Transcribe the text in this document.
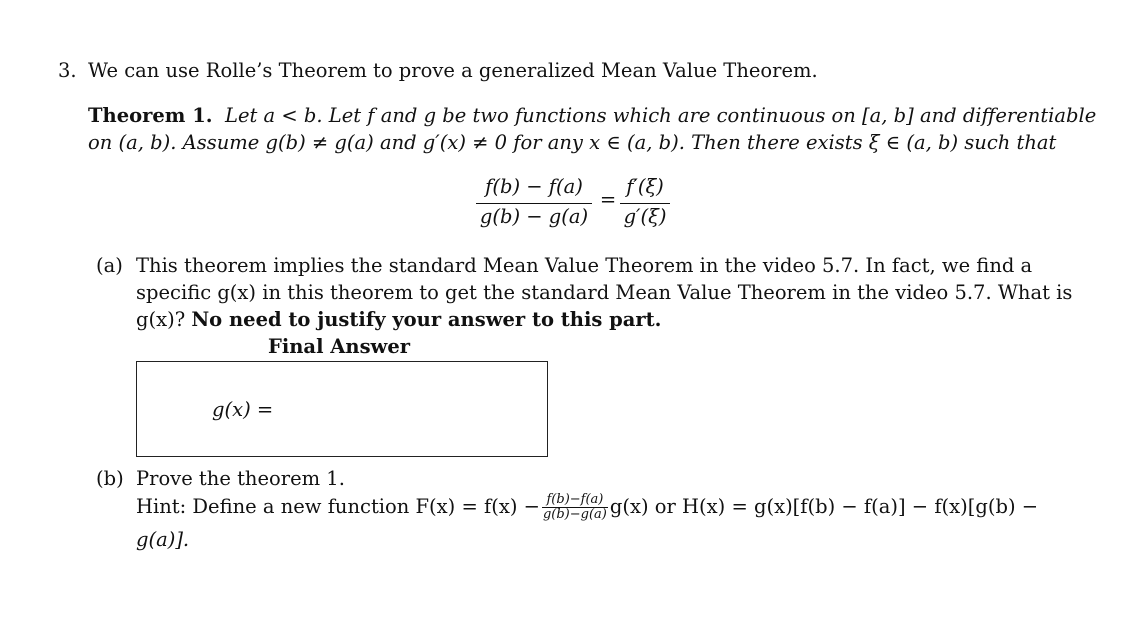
3. We can use Rolle’s Theorem to prove a generalized Mean Value Theorem.
Theorem 1. Let a < b. Let f and g be two functions which are continuous on [a, b] and differentiable
on (a, b). Assume g(b) ≠ g(a) and g′(x) ≠ 0 for any x ∈ (a, b). Then there exists ξ ∈ (a, b) such that
f(b) − f(a)
g(b) − g(a)
=
f′(ξ)
g′(ξ)
(a) This theorem implies the standard Mean Value Theorem in the video 5.7. In fact, we find a
specific g(x) in this theorem to get the standard Mean Value Theorem in the video 5.7. What is
g(x)? No need to justify your answer to this part.
Final Answer
g(x) =
(b) Prove the theorem 1.
Hint: Define a new function $F(x) = f(x) - \frac{f(b)-f(a)}{g(b)-g(a)} g(x)$ or H(x) = g(x)[f(b) − f(a)] − f(x)[g(b) −
g(a)].
